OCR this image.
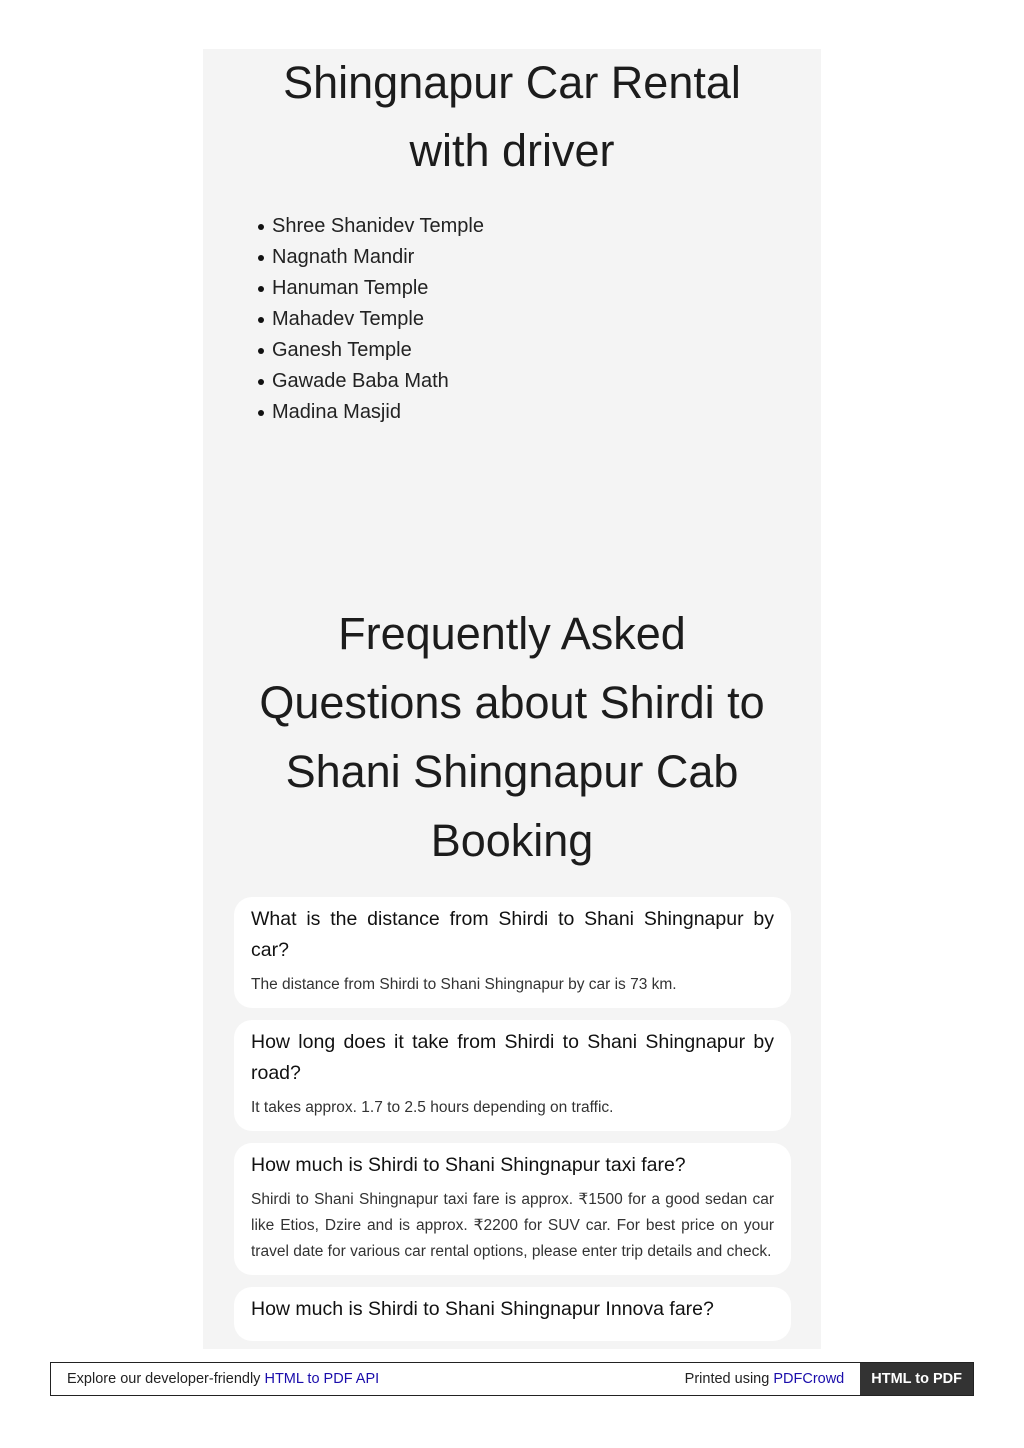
Shingnapur Car Rental with driver
Shree Shanidev Temple
Nagnath Mandir
Hanuman Temple
Mahadev Temple
Ganesh Temple
Gawade Baba Math
Madina Masjid
Frequently Asked Questions about Shirdi to Shani Shingnapur Cab Booking

What is the distance from Shirdi to Shani Shingnapur by car?

The distance from Shirdi to Shani Shingnapur by car is 73 km.

How long does it take from Shirdi to Shani Shingnapur by road?

It takes approx. 1.7 to 2.5 hours depending on traffic.

How much is Shirdi to Shani Shingnapur taxi fare?

Shirdi to Shani Shingnapur taxi fare is approx. ₹1500 for a good sedan car like Etios, Dzire and is approx. ₹2200 for SUV car. For best price on your travel date for various car rental options, please enter trip details and check.

How much is Shirdi to Shani Shingnapur Innova fare?

Explore our developer-friendly HTML to PDF API	Printed using PDFCrowd	HTML to PDF
